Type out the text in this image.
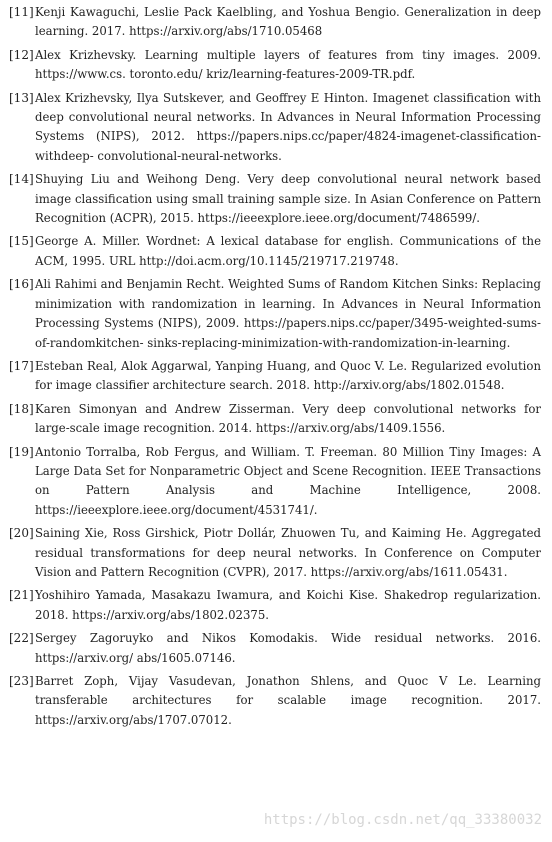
[11] Kenji Kawaguchi, Leslie Pack Kaelbling, and Yoshua Bengio. Generalization in deep learning. 2017. https://arxiv.org/abs/1710.05468
[12] Alex Krizhevsky. Learning multiple layers of features from tiny images. 2009. https://www.cs. toronto.edu/ kriz/learning-features-2009-TR.pdf.
[13] Alex Krizhevsky, Ilya Sutskever, and Geoffrey E Hinton. Imagenet classification with deep convolutional neural networks. In Advances in Neural Information Processing Systems (NIPS), 2012. https://papers.nips.cc/paper/4824-imagenet-classification-withdeep- convolutional-neural-networks.
[14] Shuying Liu and Weihong Deng. Very deep convolutional neural network based image classification using small training sample size. In Asian Conference on Pattern Recognition (ACPR), 2015. https://ieeexplore.ieee.org/document/7486599/.
[15] George A. Miller. Wordnet: A lexical database for english. Communications of the ACM, 1995. URL http://doi.acm.org/10.1145/219717.219748.
[16] Ali Rahimi and Benjamin Recht. Weighted Sums of Random Kitchen Sinks: Replacing minimization with randomization in learning. In Advances in Neural Information Processing Systems (NIPS), 2009. https://papers.nips.cc/paper/3495-weighted-sums-of-randomkitchen- sinks-replacing-minimization-with-randomization-in-learning.
[17] Esteban Real, Alok Aggarwal, Yanping Huang, and Quoc V. Le. Regularized evolution for image classifier architecture search. 2018. http://arxiv.org/abs/1802.01548.
[18] Karen Simonyan and Andrew Zisserman. Very deep convolutional networks for large-scale image recognition. 2014. https://arxiv.org/abs/1409.1556.
[19] Antonio Torralba, Rob Fergus, and William. T. Freeman. 80 Million Tiny Images: A Large Data Set for Nonparametric Object and Scene Recognition. IEEE Transactions on Pattern Analysis and Machine Intelligence, 2008. https://ieeexplore.ieee.org/document/4531741/.
[20] Saining Xie, Ross Girshick, Piotr Dollár, Zhuowen Tu, and Kaiming He. Aggregated residual transformations for deep neural networks. In Conference on Computer Vision and Pattern Recognition (CVPR), 2017. https://arxiv.org/abs/1611.05431.
[21] Yoshihiro Yamada, Masakazu Iwamura, and Koichi Kise. Shakedrop regularization. 2018. https://arxiv.org/abs/1802.02375.
[22] Sergey Zagoruyko and Nikos Komodakis. Wide residual networks. 2016. https://arxiv.org/ abs/1605.07146.
[23] Barret Zoph, Vijay Vasudevan, Jonathon Shlens, and Quoc V Le. Learning transferable architectures for scalable image recognition. 2017. https://arxiv.org/abs/1707.07012.
https://blog.csdn.net/qq_33380032
